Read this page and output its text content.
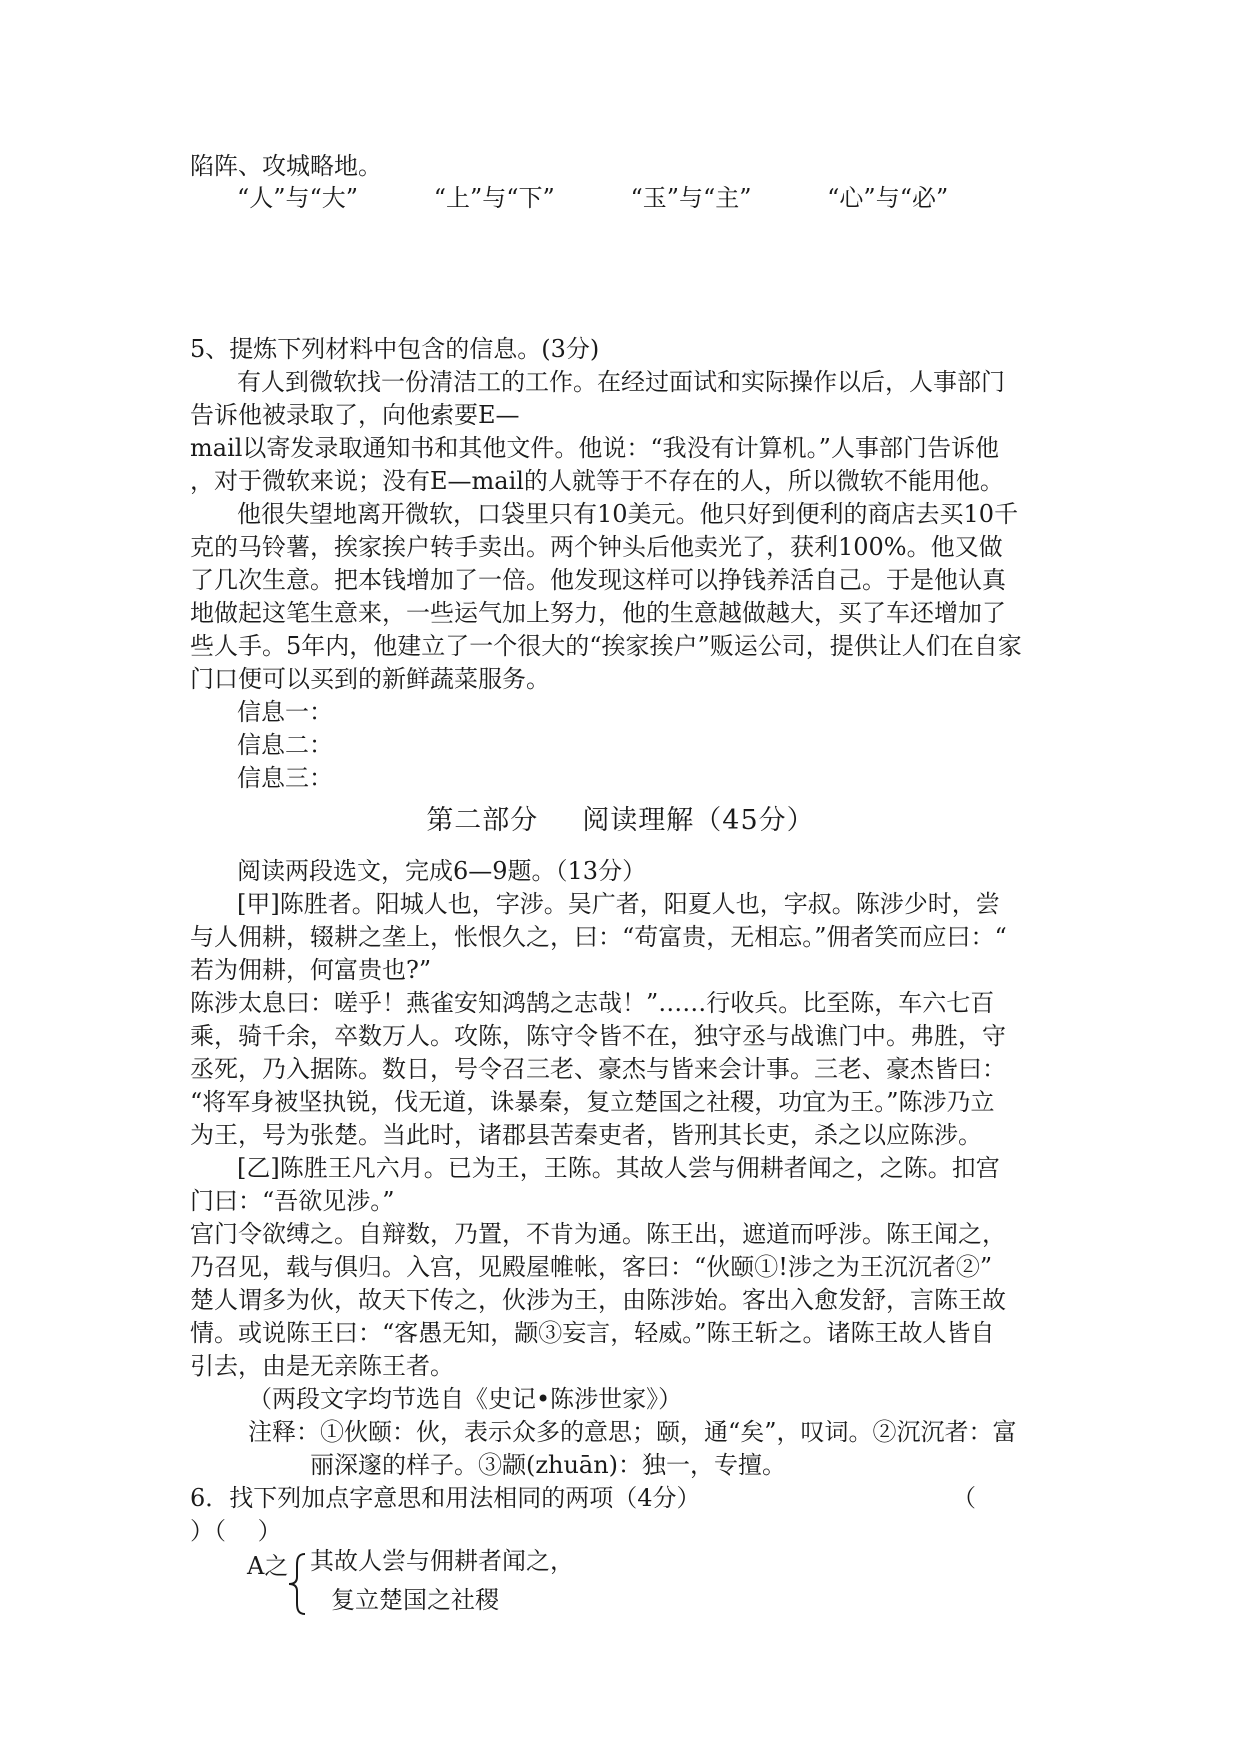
陷阵、攻城略地。
“人”与“大”	“上”与“下”	“玉”与“主”	“心”与“必”
5、提炼下列材料中包含的信息。(3分)
有人到微软找一份清洁工的工作。在经过面试和实际操作以后，人事部门
告诉他被录取了，向他索要E—
mail以寄发录取通知书和其他文件。他说：“我没有计算机。”人事部门告诉他
，对于微软来说；没有E—mail的人就等于不存在的人，所以微软不能用他。
他很失望地离开微软，口袋里只有10美元。他只好到便利的商店去买10千
克的马铃薯，挨家挨户转手卖出。两个钟头后他卖光了，获利100%。他又做
了几次生意。把本钱增加了一倍。他发现这样可以挣钱养活自己。于是他认真
地做起这笔生意来，一些运气加上努力，他的生意越做越大，买了车还增加了
些人手。5年内，他建立了一个很大的“挨家挨户”贩运公司，提供让人们在自家
门口便可以买到的新鲜蔬菜服务。
信息一：
信息二：
信息三：
第二部分 阅读理解（45分）
阅读两段选文，完成6—9题。（13分）
[甲]陈胜者。阳城人也，字涉。吴广者，阳夏人也，字叔。陈涉少时，尝
与人佣耕，辍耕之垄上，怅恨久之，曰：“苟富贵，无相忘。”佣者笑而应曰：“
若为佣耕，何富贵也?”
陈涉太息曰：嗟乎！燕雀安知鸿鹄之志哉！”……行收兵。比至陈，车六七百
乘，骑千余，卒数万人。攻陈，陈守令皆不在，独守丞与战谯门中。弗胜，守
丞死，乃入据陈。数日，号令召三老、豪杰与皆来会计事。三老、豪杰皆曰：
“将军身被坚执锐，伐无道，诛暴秦，复立楚国之社稷，功宜为王。”陈涉乃立
为王，号为张楚。当此时，诸郡县苦秦吏者，皆刑其长吏，杀之以应陈涉。
[乙]陈胜王凡六月。已为王，王陈。其故人尝与佣耕者闻之，之陈。扣宫
门曰：“吾欲见涉。”
宫门令欲缚之。自辩数，乃置，不肯为通。陈王出，遮道而呼涉。陈王闻之，
乃召见，载与俱归。入宫，见殿屋帷帐，客曰：“伙颐①!涉之为王沉沉者②”
楚人谓多为伙，故天下传之，伙涉为王，由陈涉始。客出入愈发舒，言陈王故
情。或说陈王曰：“客愚无知，颛③妄言，轻威。”陈王斩之。诸陈王故人皆自
引去，由是无亲陈王者。
（两段文字均节选自《史记•陈涉世家》）
注释：①伙颐：伙，表示众多的意思；颐，通“矣”，叹词。②沉沉者：富
丽深邃的样子。③颛(zhuān)：独一，专擅。
6．找下列加点字意思和用法相同的两项（4分）	（
）（　 ）
A之 其故人尝与佣耕者闻之，
复立楚国之社稷
